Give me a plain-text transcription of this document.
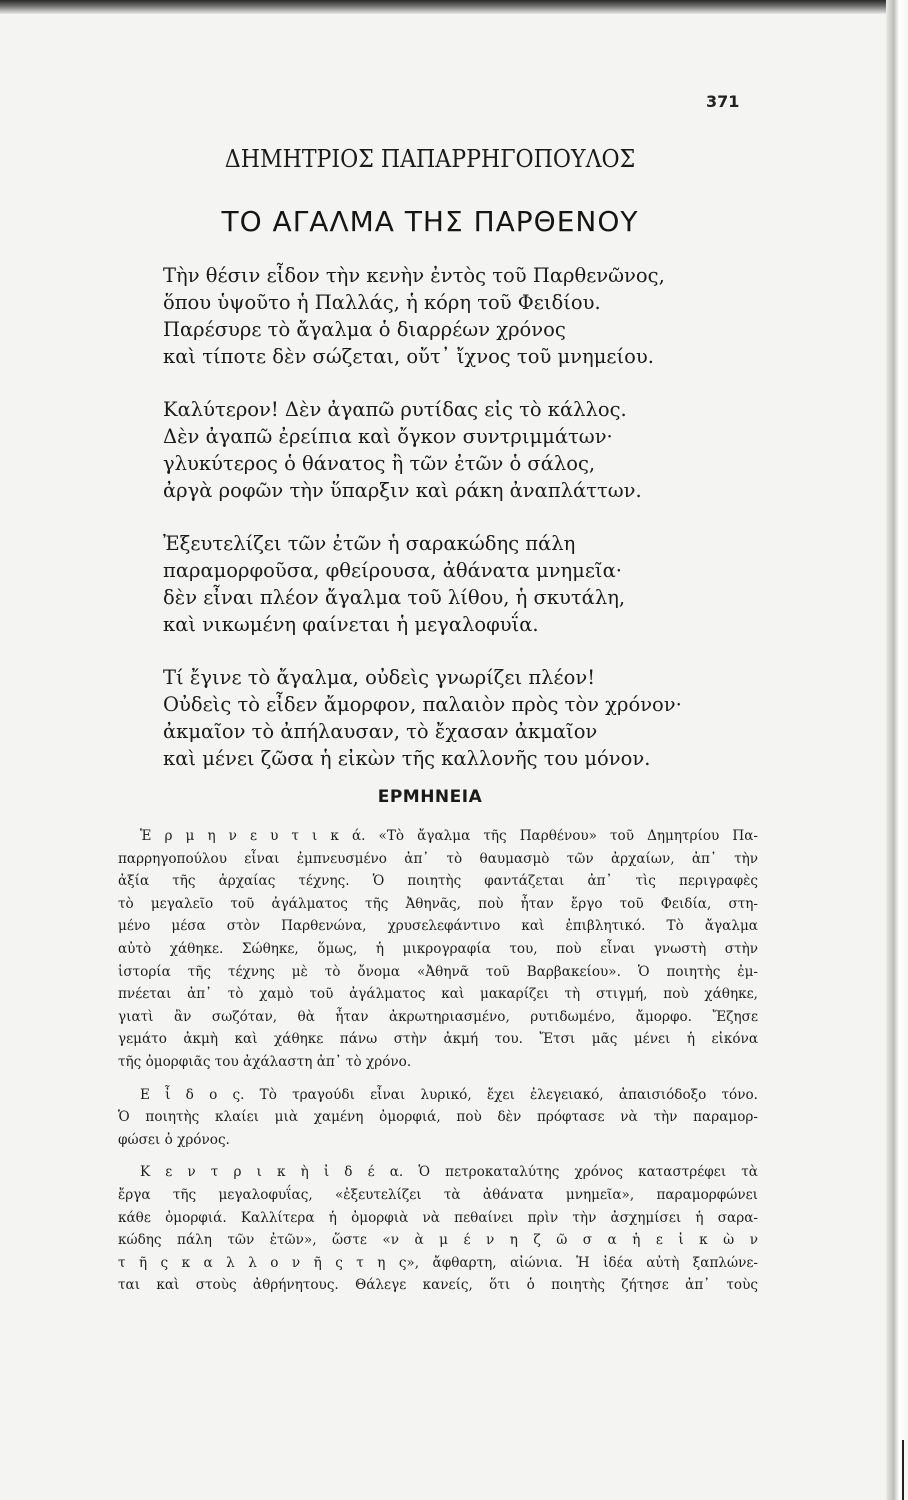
371
ΔΗΜΗΤΡΙΟΣ ΠΑΠΑΡΡΗΓΟΠΟΥΛΟΣ
ΤΟ ΑΓΑΛΜΑ ΤΗΣ ΠΑΡΘΕΝΟΥ
Τὴν θέσιν εἶδον τὴν κενὴν ἐντὸς τοῦ Παρθενῶνος,
ὅπου ὑψοῦτο ἡ Παλλάς, ἡ κόρη τοῦ Φειδίου.
Παρέσυρε τὸ ἄγαλμα ὁ διαρρέων χρόνος
καὶ τίποτε δὲν σώζεται, οὔτ᾽ ἴχνος τοῦ μνημείου.
Καλύτερον! Δὲν ἀγαπῶ ρυτίδας εἰς τὸ κάλλος.
Δὲν ἀγαπῶ ἐρείπια καὶ ὄγκον συντριμμάτων·
γλυκύτερος ὁ θάνατος ἢ τῶν ἐτῶν ὁ σάλος,
ἀργὰ ροφῶν τὴν ὕπαρξιν καὶ ράκη ἀναπλάττων.
Ἐξευτελίζει τῶν ἐτῶν ἡ σαρακώδης πάλη
παραμορφοῦσα, φθείρουσα, ἀθάνατα μνημεῖα·
δὲν εἶναι πλέον ἄγαλμα τοῦ λίθου, ἡ σκυτάλη,
καὶ νικωμένη φαίνεται ἡ μεγαλοφυΐα.
Τί ἔγινε τὸ ἄγαλμα, οὐδεὶς γνωρίζει πλέον!
Οὐδεὶς τὸ εἶδεν ἄμορφον, παλαιὸν πρὸς τὸν χρόνον·
ἀκμαῖον τὸ ἀπήλαυσαν, τὸ ἔχασαν ἀκμαῖον
καὶ μένει ζῶσα ἡ εἰκὼν τῆς καλλονῆς του μόνον.
ΕΡΜΗΝΕΙΑ
Ἑ ρ μ η ν ε υ τ ι κ ά. «Τὸ ἄγαλμα τῆς Παρθένου» τοῦ Δημητρίου Πα-
παρρηγοπούλου εἶναι ἐμπνευσμένο ἀπ᾽ τὸ θαυμασμὸ τῶν ἀρχαίων, ἀπ᾽ τὴν
ἀξία τῆς ἀρχαίας τέχνης. Ὁ ποιητὴς φαντάζεται ἀπ᾽ τὶς περιγραφὲς
τὸ μεγαλεῖο τοῦ ἀγάλματος τῆς Ἀθηνᾶς, ποὺ ἦταν ἔργο τοῦ Φειδία, στη-
μένο μέσα στὸν Παρθενώνα, χρυσελεφάντινο καὶ ἐπιβλητικό. Τὸ ἄγαλμα
αὐτὸ χάθηκε. Σώθηκε, ὅμως, ἡ μικρογραφία του, ποὺ εἶναι γνωστὴ στὴν
ἱστορία τῆς τέχνης μὲ τὸ ὄνομα «Ἀθηνᾶ τοῦ Βαρβακείου». Ὁ ποιητὴς ἐμ-
πνέεται ἀπ᾽ τὸ χαμὸ τοῦ ἀγάλματος καὶ μακαρίζει τὴ στιγμή, ποὺ χάθηκε,
γιατὶ ἂν σωζόταν, θὰ ἦταν ἀκρωτηριασμένο, ρυτιδωμένο, ἄμορφο. Ἔζησε
γεμάτο ἀκμὴ καὶ χάθηκε πάνω στὴν ἀκμή του. Ἔτσι μᾶς μένει ἡ εἰκόνα
τῆς ὀμορφιᾶς του ἀχάλαστη ἀπ᾽ τὸ χρόνο.
Ε ἶ δ ο ς. Τὸ τραγούδι εἶναι λυρικό, ἔχει ἐλεγειακό, ἀπαισιόδοξο τόνο.
Ὁ ποιητὴς κλαίει μιὰ χαμένη ὀμορφιά, ποὺ δὲν πρόφτασε νὰ τὴν παραμορ-
φώσει ὁ χρόνος.
Κ ε ν τ ρ ι κ ὴ ἰ δ έ α. Ὁ πετροκαταλύτης χρόνος καταστρέφει τὰ
ἔργα τῆς μεγαλοφυΐας, «ἐξευτελίζει τὰ ἀθάνατα μνημεῖα», παραμορφώνει
κάθε ὀμορφιά. Καλλίτερα ἡ ὀμορφιὰ νὰ πεθαίνει πρὶν τὴν ἀσχημίσει ἡ σαρα-
κώδης πάλη τῶν ἐτῶν», ὥστε «ν ὰ μ έ ν η ζ ῶ σ α ἡ ε ἰ κ ὼ ν
τ ῆ ς κ α λ λ ο ν ῆ ς τ η ς», ἄφθαρτη, αἰώνια. Ἡ ἰδέα αὐτὴ ξαπλώνε-
ται καὶ στοὺς ἀθρήνητους. Θάλεγε κανείς, ὅτι ὁ ποιητὴς ζήτησε ἀπ᾽ τοὺς
